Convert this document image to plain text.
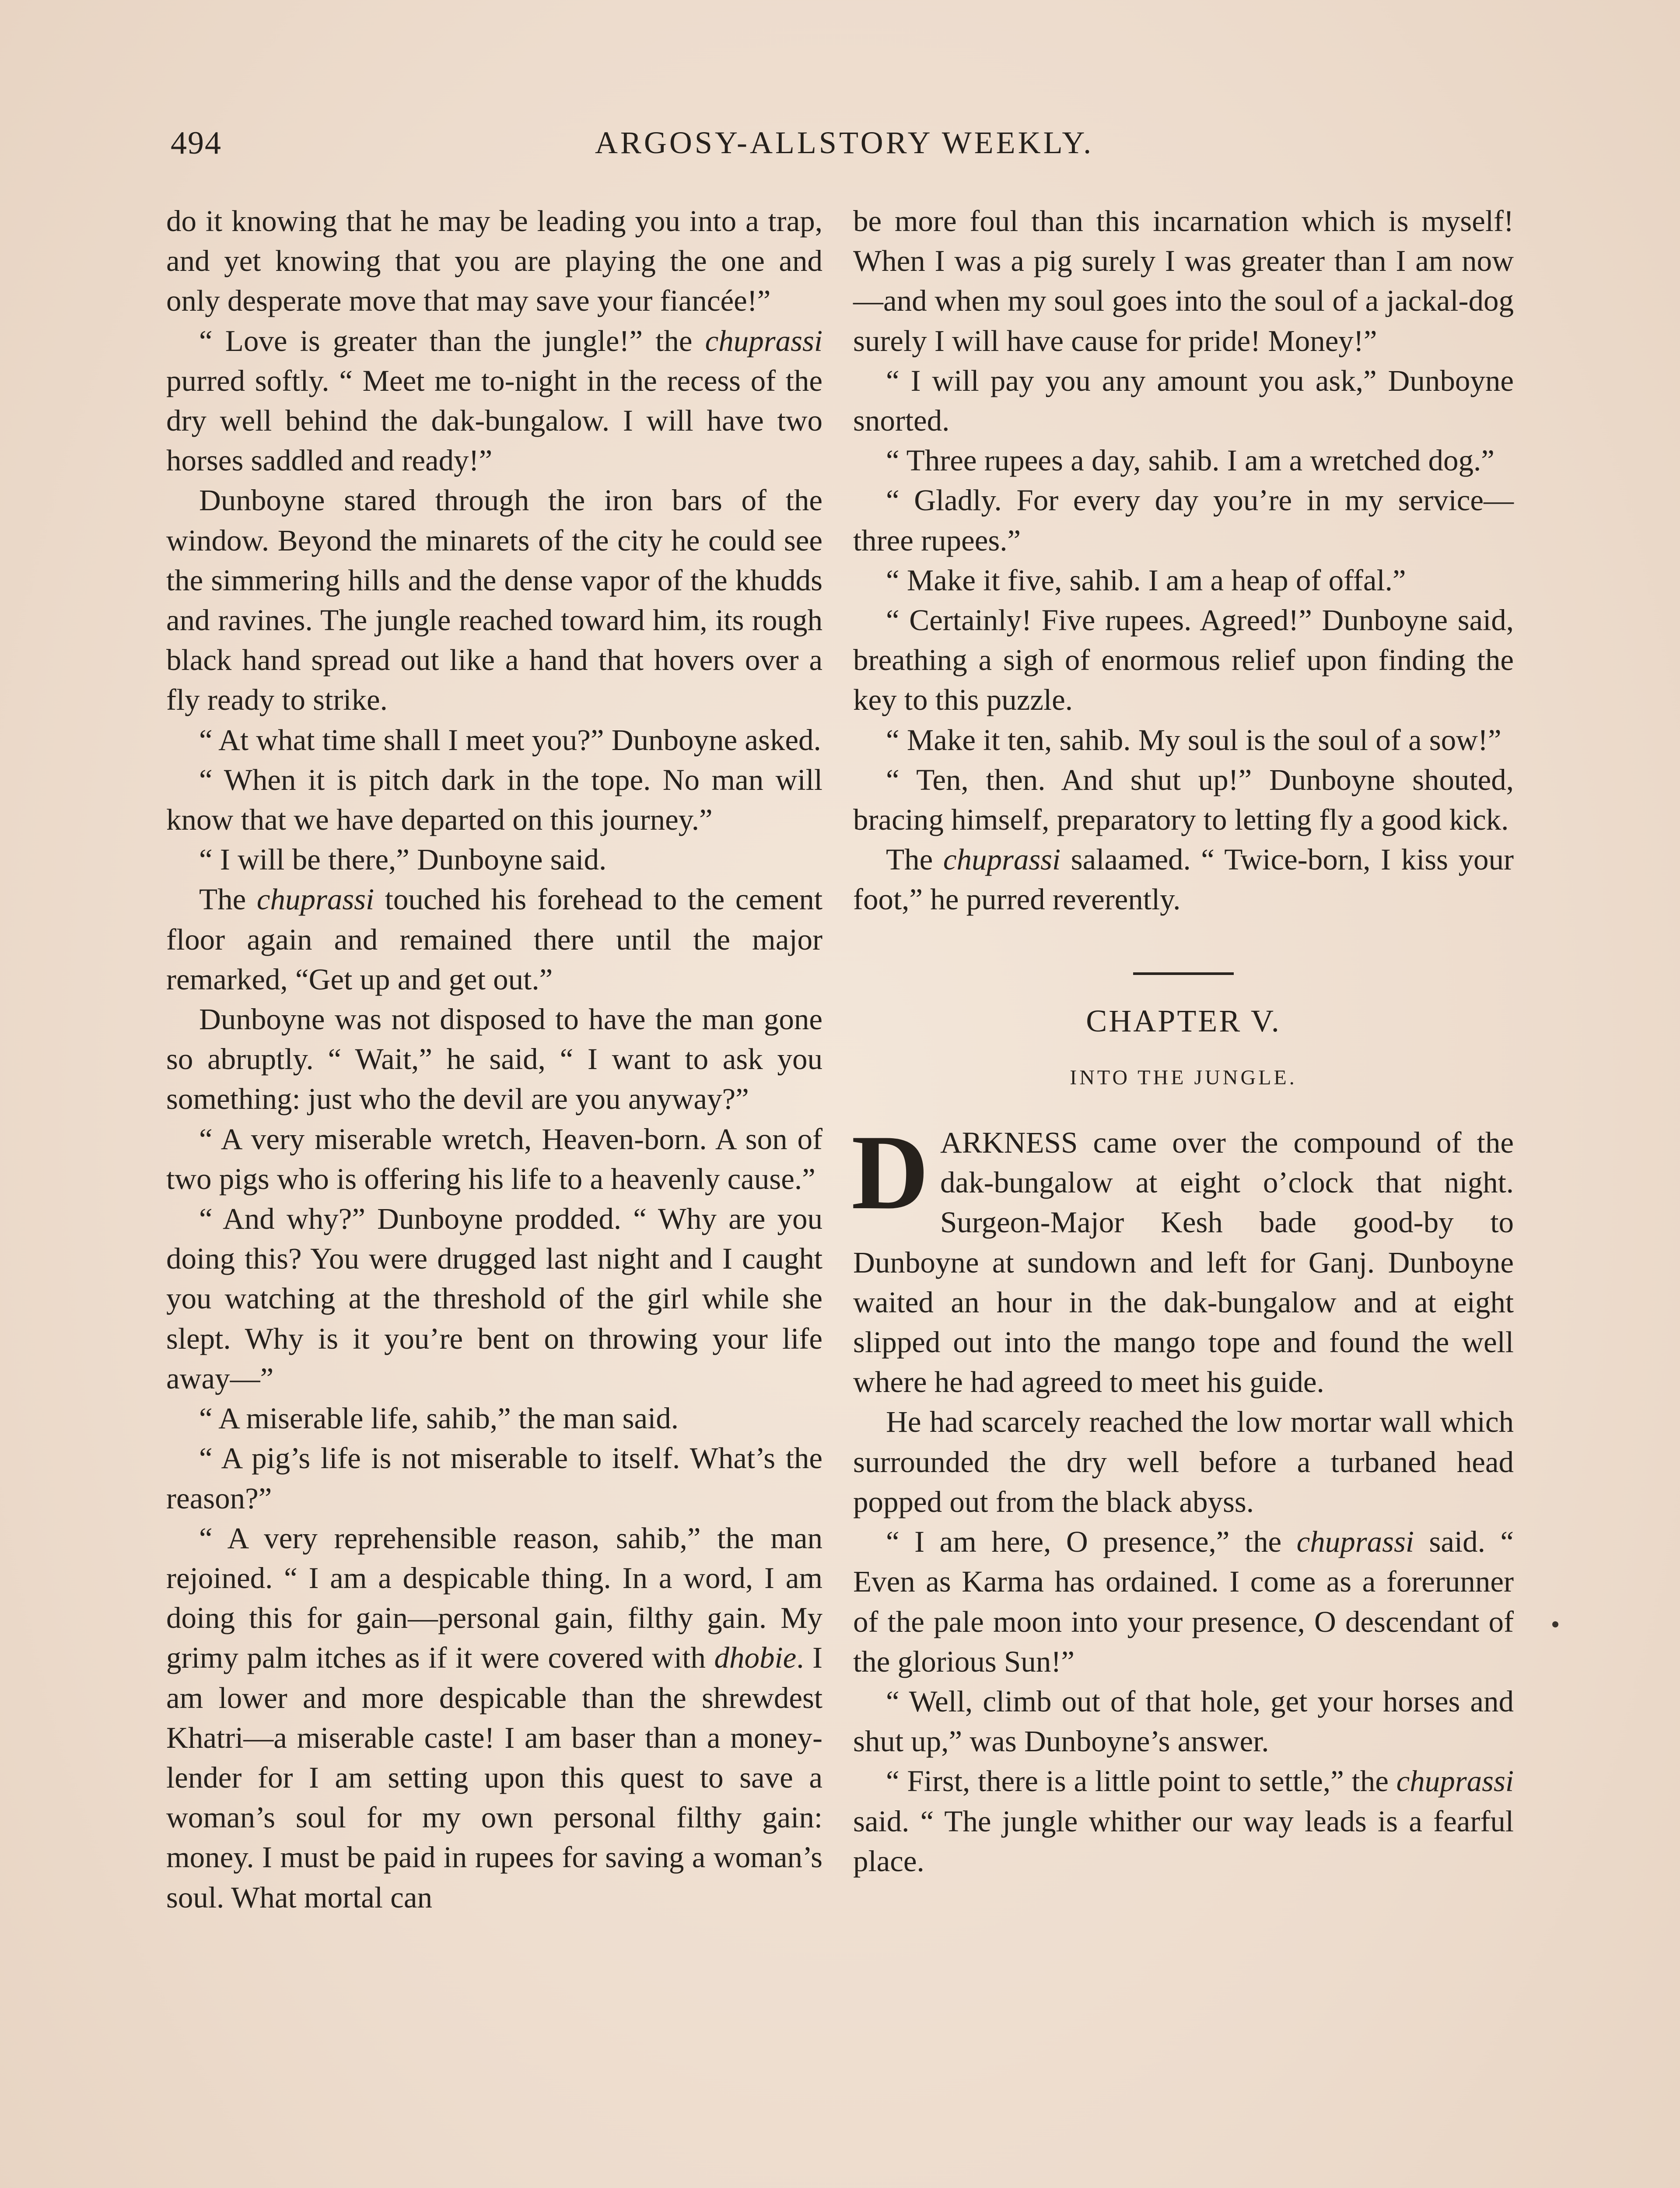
494	ARGOSY-ALLSTORY WEEKLY.

do it knowing that he may be leading you into a trap, and yet knowing that you are playing the one and only desperate move that may save your fiancée!”

“ Love is greater than the jungle!” the chuprassi purred softly. “ Meet me to-night in the recess of the dry well behind the dak-bungalow. I will have two horses saddled and ready!”

Dunboyne stared through the iron bars of the window. Beyond the minarets of the city he could see the simmering hills and the dense vapor of the khudds and ravines. The jungle reached toward him, its rough black hand spread out like a hand that hovers over a fly ready to strike.

“ At what time shall I meet you?” Dunboyne asked.

“ When it is pitch dark in the tope. No man will know that we have departed on this journey.”

“ I will be there,” Dunboyne said.

The chuprassi touched his forehead to the cement floor again and remained there until the major remarked, “Get up and get out.”

Dunboyne was not disposed to have the man gone so abruptly. “ Wait,” he said, “ I want to ask you something: just who the devil are you anyway?”

“ A very miserable wretch, Heaven-born. A son of two pigs who is offering his life to a heavenly cause.”

“ And why?” Dunboyne prodded. “ Why are you doing this? You were drugged last night and I caught you watching at the threshold of the girl while she slept. Why is it you’re bent on throwing your life away—”

“ A miserable life, sahib,” the man said.

“ A pig’s life is not miserable to itself. What’s the reason?”

“ A very reprehensible reason, sahib,” the man rejoined. “ I am a despicable thing. In a word, I am doing this for gain—personal gain, filthy gain. My grimy palm itches as if it were covered with dhobie. I am lower and more despicable than the shrewdest Khatri—a miserable caste! I am baser than a money-lender for I am setting upon this quest to save a woman’s soul for my own personal filthy gain: money. I must be paid in rupees for saving a woman’s soul. What mortal can

be more foul than this incarnation which is myself! When I was a pig surely I was greater than I am now—and when my soul goes into the soul of a jackal-dog surely I will have cause for pride! Money!”

“ I will pay you any amount you ask,” Dunboyne snorted.

“ Three rupees a day, sahib. I am a wretched dog.”

“ Gladly. For every day you’re in my service—three rupees.”

“ Make it five, sahib. I am a heap of offal.”

“ Certainly! Five rupees. Agreed!” Dunboyne said, breathing a sigh of enormous relief upon finding the key to this puzzle.

“ Make it ten, sahib. My soul is the soul of a sow!”

“ Ten, then. And shut up!” Dunboyne shouted, bracing himself, preparatory to letting fly a good kick.

The chuprassi salaamed. “ Twice-born, I kiss your foot,” he purred reverently.

CHAPTER V.
INTO THE JUNGLE.

DARKNESS came over the compound of the dak-bungalow at eight o’clock that night. Surgeon-Major Kesh bade good-by to Dunboyne at sundown and left for Ganj. Dunboyne waited an hour in the dak-bungalow and at eight slipped out into the mango tope and found the well where he had agreed to meet his guide.

He had scarcely reached the low mortar wall which surrounded the dry well before a turbaned head popped out from the black abyss.

“ I am here, O presence,” the chuprassi said. “ Even as Karma has ordained. I come as a forerunner of the pale moon into your presence, O descendant of the glorious Sun!”

“ Well, climb out of that hole, get your horses and shut up,” was Dunboyne’s answer.

“ First, there is a little point to settle,” the chuprassi said. “ The jungle whither our way leads is a fearful place.
